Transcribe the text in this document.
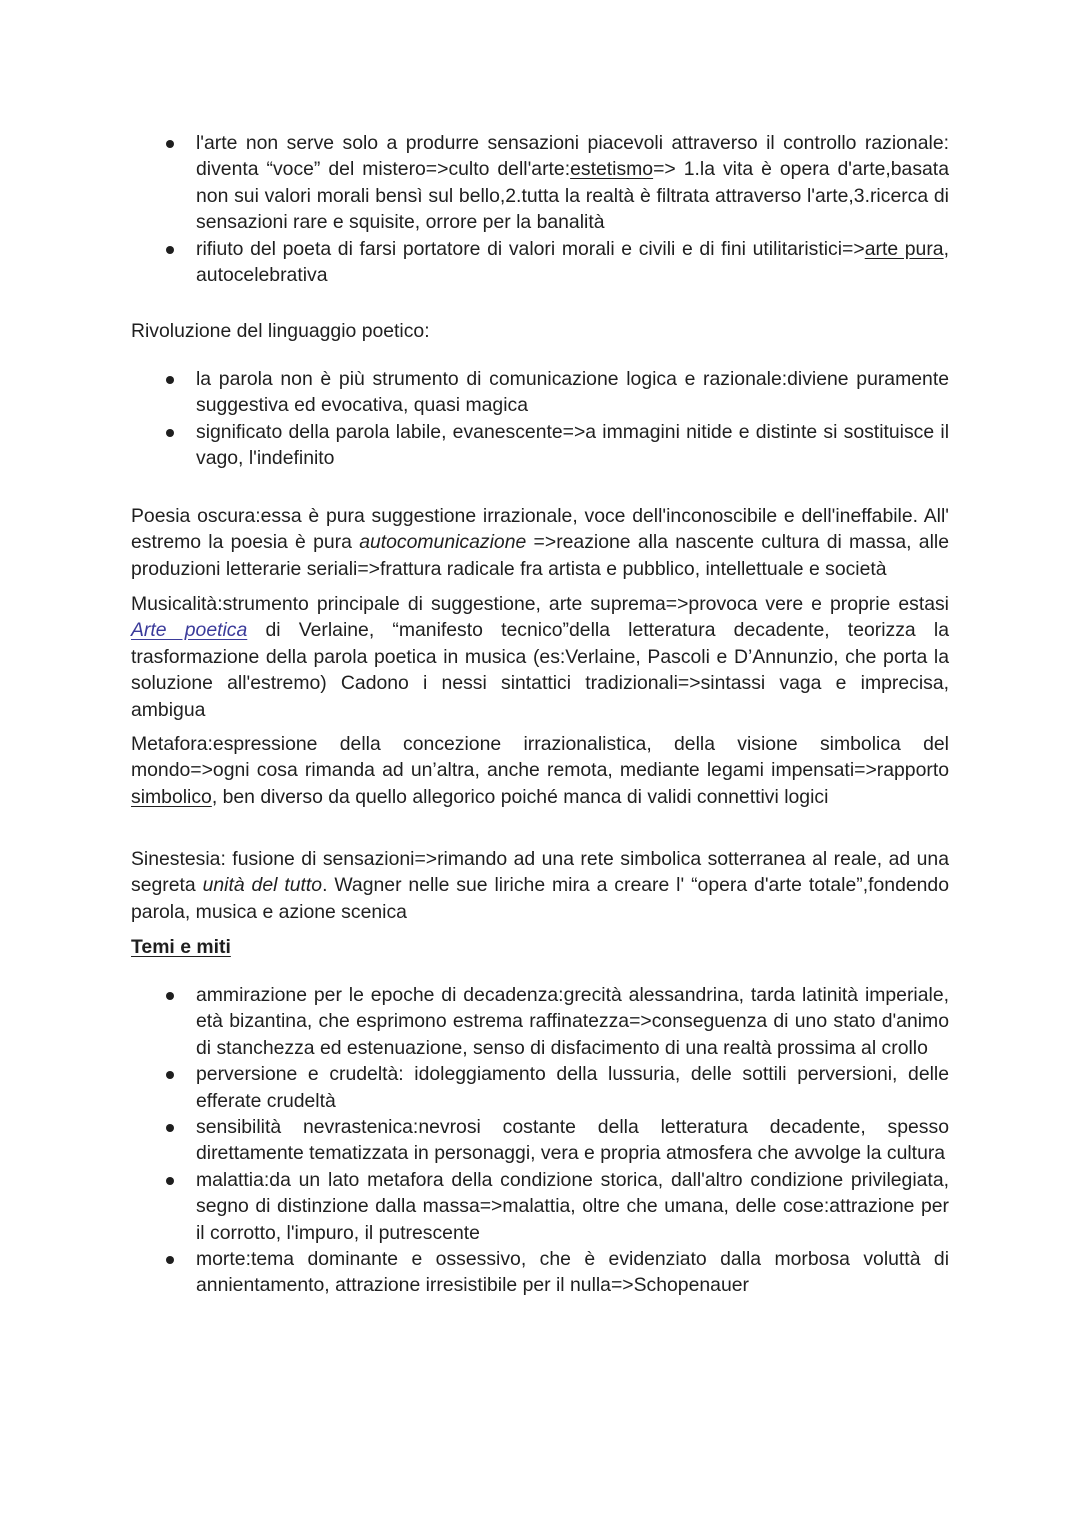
l'arte non serve solo a produrre sensazioni piacevoli attraverso il controllo razionale: diventa “voce” del mistero=>culto dell'arte:estetismo=> 1.la vita è opera d'arte,basata non sui valori morali bensì sul bello,2.tutta la realtà è filtrata attraverso l'arte,3.ricerca di sensazioni rare e squisite, orrore per la banalità
rifiuto del poeta di farsi portatore di valori morali e civili e di fini utilitaristici=>arte pura, autocelebrativa

Rivoluzione del linguaggio poetico:

la parola non è più strumento di comunicazione logica e razionale:diviene puramente suggestiva ed evocativa, quasi magica
significato della parola labile, evanescente=>a immagini nitide e distinte si sostituisce il vago, l'indefinito

Poesia oscura:essa è pura suggestione irrazionale, voce dell'inconoscibile e dell'ineffabile. All' estremo la poesia è pura autocomunicazione =>reazione alla nascente cultura di massa, alle produzioni letterarie seriali=>frattura radicale fra artista e pubblico, intellettuale e società

Musicalità:strumento principale di suggestione, arte suprema=>provoca vere e proprie estasi Arte poetica di Verlaine, “manifesto tecnico”della letteratura decadente, teorizza la trasformazione della parola poetica in musica (es:Verlaine, Pascoli e D’Annunzio, che porta la soluzione all'estremo) Cadono i nessi sintattici tradizionali=>sintassi vaga e imprecisa, ambigua

Metafora:espressione della concezione irrazionalistica, della visione simbolica del mondo=>ogni cosa rimanda ad un’altra, anche remota, mediante legami impensati=>rapporto simbolico, ben diverso da quello allegorico poiché manca di validi connettivi logici

Sinestesia: fusione di sensazioni=>rimando ad una rete simbolica sotterranea al reale, ad una segreta unità del tutto. Wagner nelle sue liriche mira a creare l' “opera d'arte totale”,fondendo parola, musica e azione scenica

Temi e miti

ammirazione per le epoche di decadenza:grecità alessandrina, tarda latinità imperiale, età bizantina, che esprimono estrema raffinatezza=>conseguenza di uno stato d'animo di stanchezza ed estenuazione, senso di disfacimento di una realtà prossima al crollo
perversione e crudeltà: idoleggiamento della lussuria, delle sottili perversioni, delle efferate crudeltà
sensibilità nevrastenica:nevrosi costante della letteratura decadente, spesso direttamente tematizzata in personaggi, vera e propria atmosfera che avvolge la cultura
malattia:da un lato metafora della condizione storica, dall'altro condizione privilegiata, segno di distinzione dalla massa=>malattia, oltre che umana, delle cose:attrazione per il corrotto, l'impuro, il putrescente
morte:tema dominante e ossessivo, che è evidenziato dalla morbosa voluttà di annientamento, attrazione irresistibile per il nulla=>Schopenauer
